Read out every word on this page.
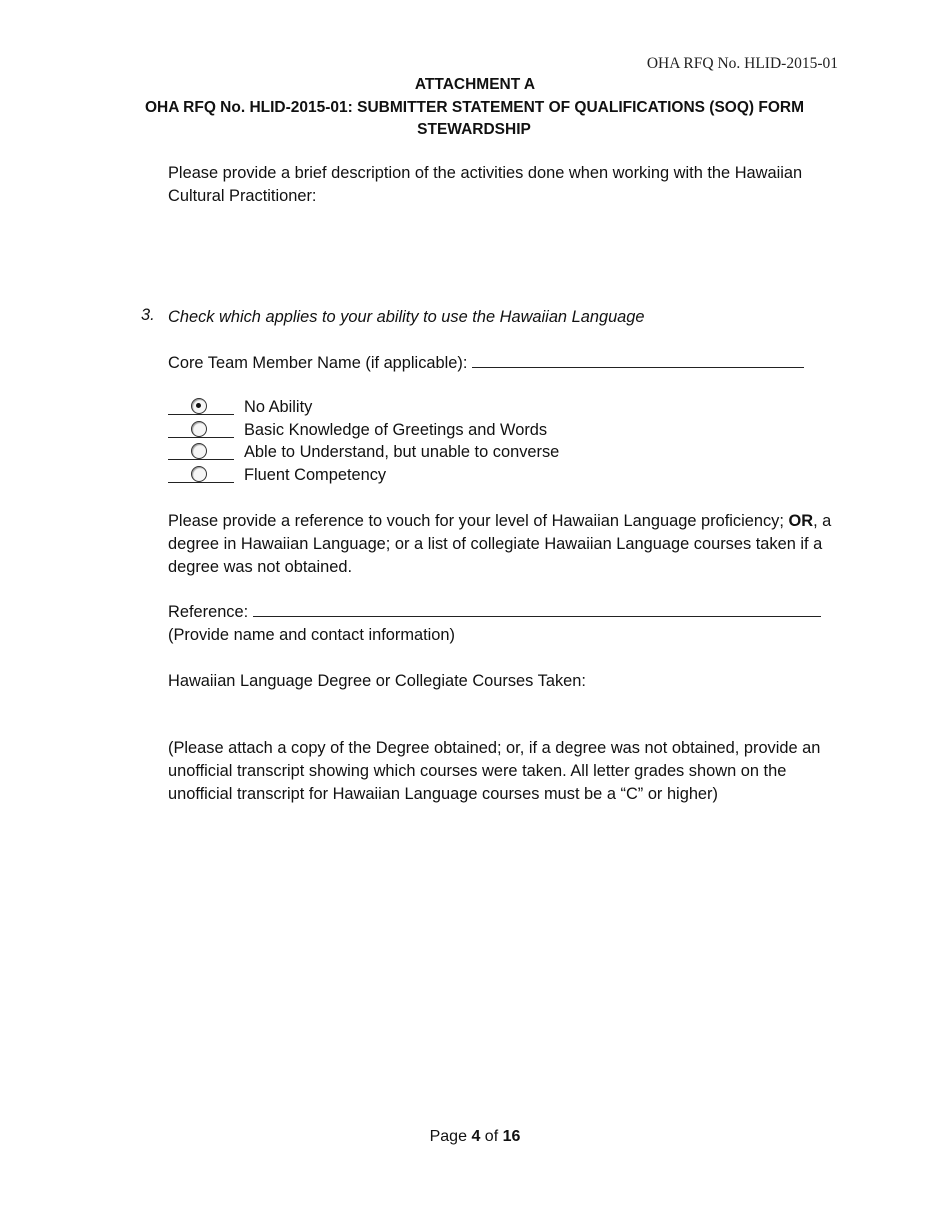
OHA RFQ No. HLID-2015-01
ATTACHMENT A
OHA RFQ No. HLID-2015-01: SUBMITTER STATEMENT OF QUALIFICATIONS (SOQ) FORM
STEWARDSHIP
Please provide a brief description of the activities done when working with the Hawaiian Cultural Practitioner:
3. Check which applies to your ability to use the Hawaiian Language
Core Team Member Name (if applicable):
No Ability
Basic Knowledge of Greetings and Words
Able to Understand, but unable to converse
Fluent Competency
Please provide a reference to vouch for your level of Hawaiian Language proficiency; OR, a degree in Hawaiian Language; or a list of collegiate Hawaiian Language courses taken if a degree was not obtained.
Reference:
(Provide name and contact information)
Hawaiian Language Degree or Collegiate Courses Taken:
(Please attach a copy of the Degree obtained; or, if a degree was not obtained, provide an unofficial transcript showing which courses were taken. All letter grades shown on the unofficial transcript for Hawaiian Language courses must be a “C” or higher)
Page 4 of 16
